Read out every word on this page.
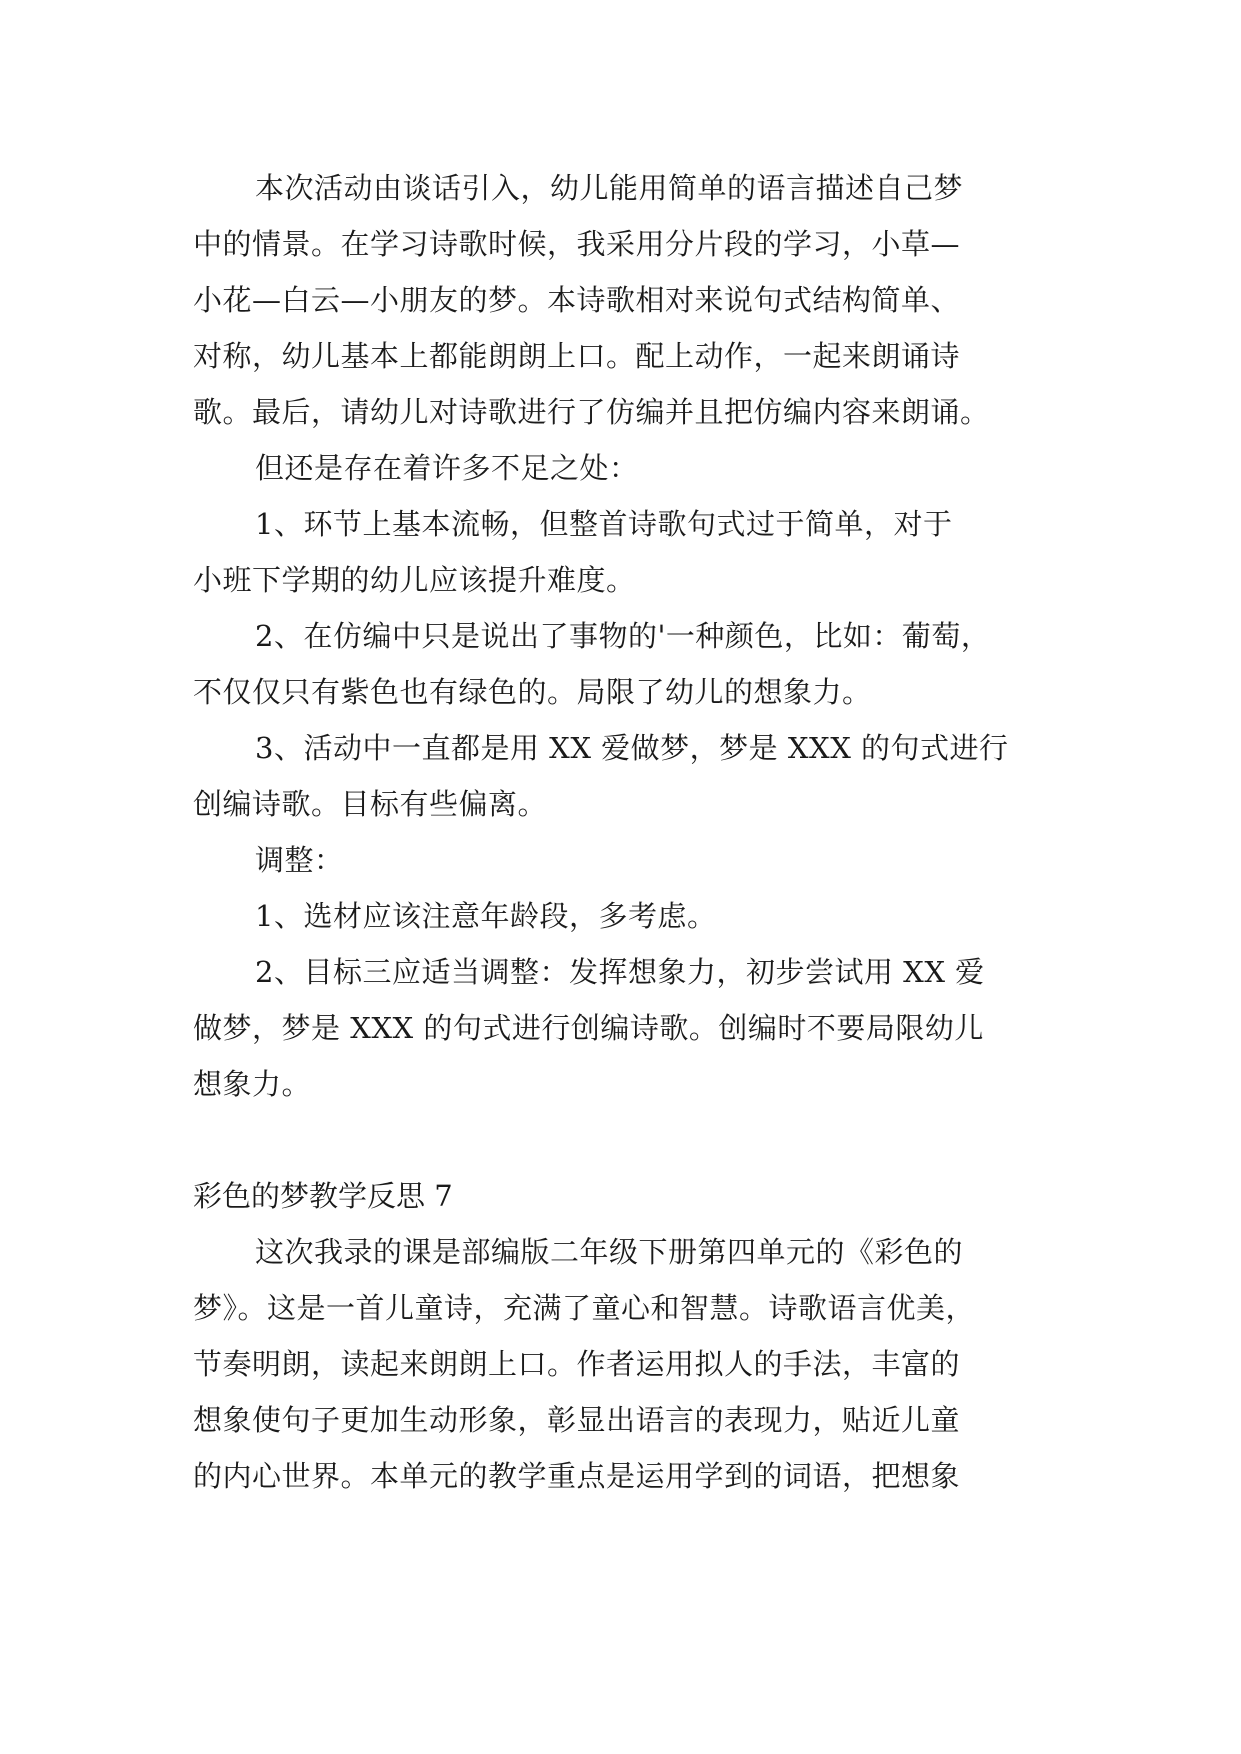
本次活动由谈话引入，幼儿能用简单的语言描述自己梦
中的情景。在学习诗歌时候，我采用分片段的学习，小草—
小花—白云—小朋友的梦。本诗歌相对来说句式结构简单、
对称，幼儿基本上都能朗朗上口。配上动作，一起来朗诵诗
歌。最后，请幼儿对诗歌进行了仿编并且把仿编内容来朗诵。
但还是存在着许多不足之处：
1、环节上基本流畅，但整首诗歌句式过于简单，对于
小班下学期的幼儿应该提升难度。
2、在仿编中只是说出了事物的'一种颜色，比如：葡萄，
不仅仅只有紫色也有绿色的。局限了幼儿的想象力。
3、活动中一直都是用 XX 爱做梦，梦是 XXX 的句式进行
创编诗歌。目标有些偏离。
调整：
1、选材应该注意年龄段，多考虑。
2、目标三应适当调整：发挥想象力，初步尝试用 XX 爱
做梦，梦是 XXX 的句式进行创编诗歌。创编时不要局限幼儿
想象力。
彩色的梦教学反思 7
这次我录的课是部编版二年级下册第四单元的《彩色的
梦》。这是一首儿童诗，充满了童心和智慧。诗歌语言优美，
节奏明朗，读起来朗朗上口。作者运用拟人的手法，丰富的
想象使句子更加生动形象，彰显出语言的表现力，贴近儿童
的内心世界。本单元的教学重点是运用学到的词语，把想象
